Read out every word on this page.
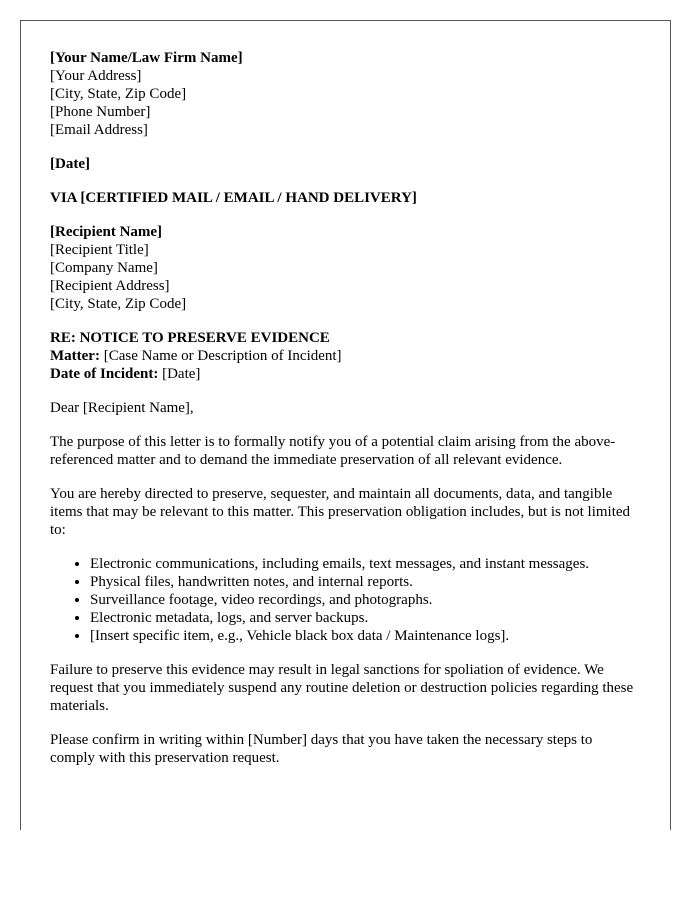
[Your Name/Law Firm Name]
[Your Address]
[City, State, Zip Code]
[Phone Number]
[Email Address]
[Date]
VIA [CERTIFIED MAIL / EMAIL / HAND DELIVERY]
[Recipient Name]
[Recipient Title]
[Company Name]
[Recipient Address]
[City, State, Zip Code]
RE: NOTICE TO PRESERVE EVIDENCE
Matter: [Case Name or Description of Incident]
Date of Incident: [Date]
Dear [Recipient Name],

The purpose of this letter is to formally notify you of a potential claim arising from the above-referenced matter and to demand the immediate preservation of all relevant evidence.

You are hereby directed to preserve, sequester, and maintain all documents, data, and tangible items that may be relevant to this matter. This preservation obligation includes, but is not limited to:

• Electronic communications, including emails, text messages, and instant messages.
• Physical files, handwritten notes, and internal reports.
• Surveillance footage, video recordings, and photographs.
• Electronic metadata, logs, and server backups.
• [Insert specific item, e.g., Vehicle black box data / Maintenance logs].

Failure to preserve this evidence may result in legal sanctions for spoliation of evidence. We request that you immediately suspend any routine deletion or destruction policies regarding these materials.

Please confirm in writing within [Number] days that you have taken the necessary steps to comply with this preservation request.
